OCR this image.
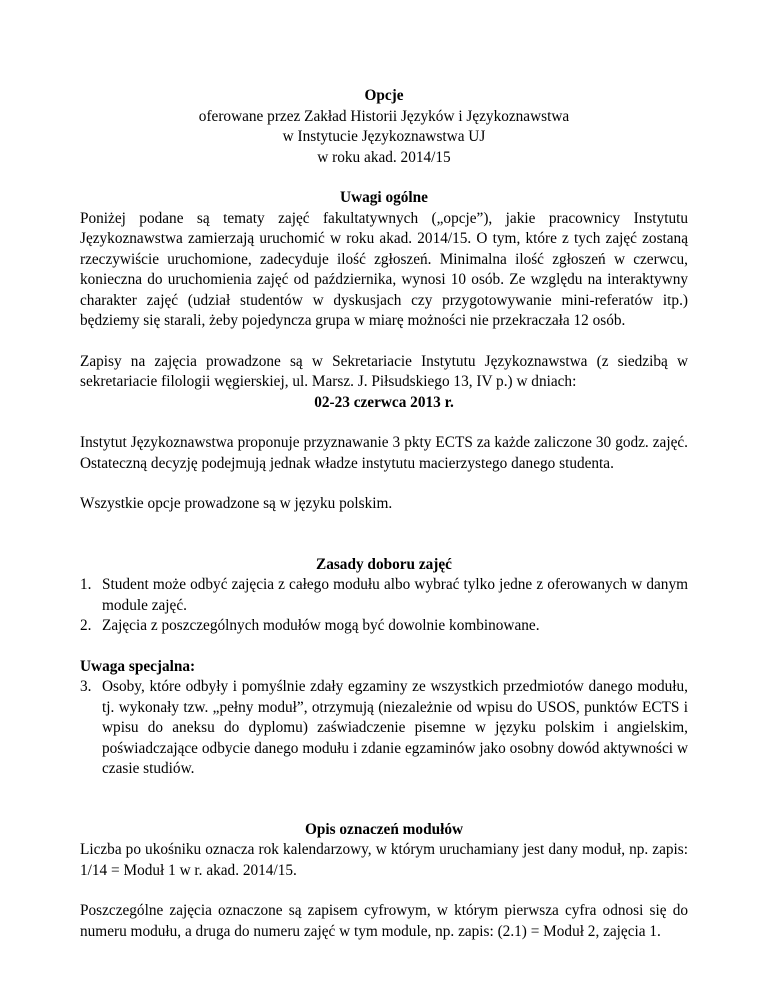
Opcje

oferowane przez Zakład Historii Języków i Językoznawstwa

w Instytucie Językoznawstwa UJ

w roku akad. 2014/15

Uwagi ogólne

Poniżej podane są tematy zajęć fakultatywnych („opcje”), jakie pracownicy Instytutu Językoznawstwa zamierzają uruchomić w roku akad. 2014/15. O tym, które z tych zajęć zostaną rzeczywiście uruchomione, zadecyduje ilość zgłoszeń. Minimalna ilość zgłoszeń w czerwcu, konieczna do uruchomienia zajęć od października, wynosi 10 osób. Ze względu na interaktywny charakter zajęć (udział studentów w dyskusjach czy przygotowywanie mini-referatów itp.) będziemy się starali, żeby pojedyncza grupa w miarę możności nie przekraczała 12 osób.

Zapisy na zajęcia prowadzone są w Sekretariacie Instytutu Językoznawstwa (z siedzibą w sekretariacie filologii węgierskiej, ul. Marsz. J. Piłsudskiego 13, IV p.) w dniach:

02-23 czerwca 2013 r.

Instytut Językoznawstwa proponuje przyznawanie 3 pkty ECTS za każde zaliczone 30 godz. zajęć. Ostateczną decyzję podejmują jednak władze instytutu macierzystego danego studenta.

Wszystkie opcje prowadzone są w języku polskim.

Zasady doboru zajęć

1. Student może odbyć zajęcia z całego modułu albo wybrać tylko jedne z oferowanych w danym module zajęć.
2. Zajęcia z poszczególnych modułów mogą być dowolnie kombinowane.

Uwaga specjalna:

3. Osoby, które odbyły i pomyślnie zdały egzaminy ze wszystkich przedmiotów danego modułu, tj. wykonały tzw. „pełny moduł”, otrzymują (niezależnie od wpisu do USOS, punktów ECTS i wpisu do aneksu do dyplomu) zaświadczenie pisemne w języku polskim i angielskim, poświadczające odbycie danego modułu i zdanie egzaminów jako osobny dowód aktywności w czasie studiów.

Opis oznaczeń modułów

Liczba po ukośniku oznacza rok kalendarzowy, w którym uruchamiany jest dany moduł, np. zapis: 1/14 = Moduł 1 w r. akad. 2014/15.

Poszczególne zajęcia oznaczone są zapisem cyfrowym, w którym pierwsza cyfra odnosi się do numeru modułu, a druga do numeru zajęć w tym module, np. zapis: (2.1) = Moduł 2, zajęcia 1.
